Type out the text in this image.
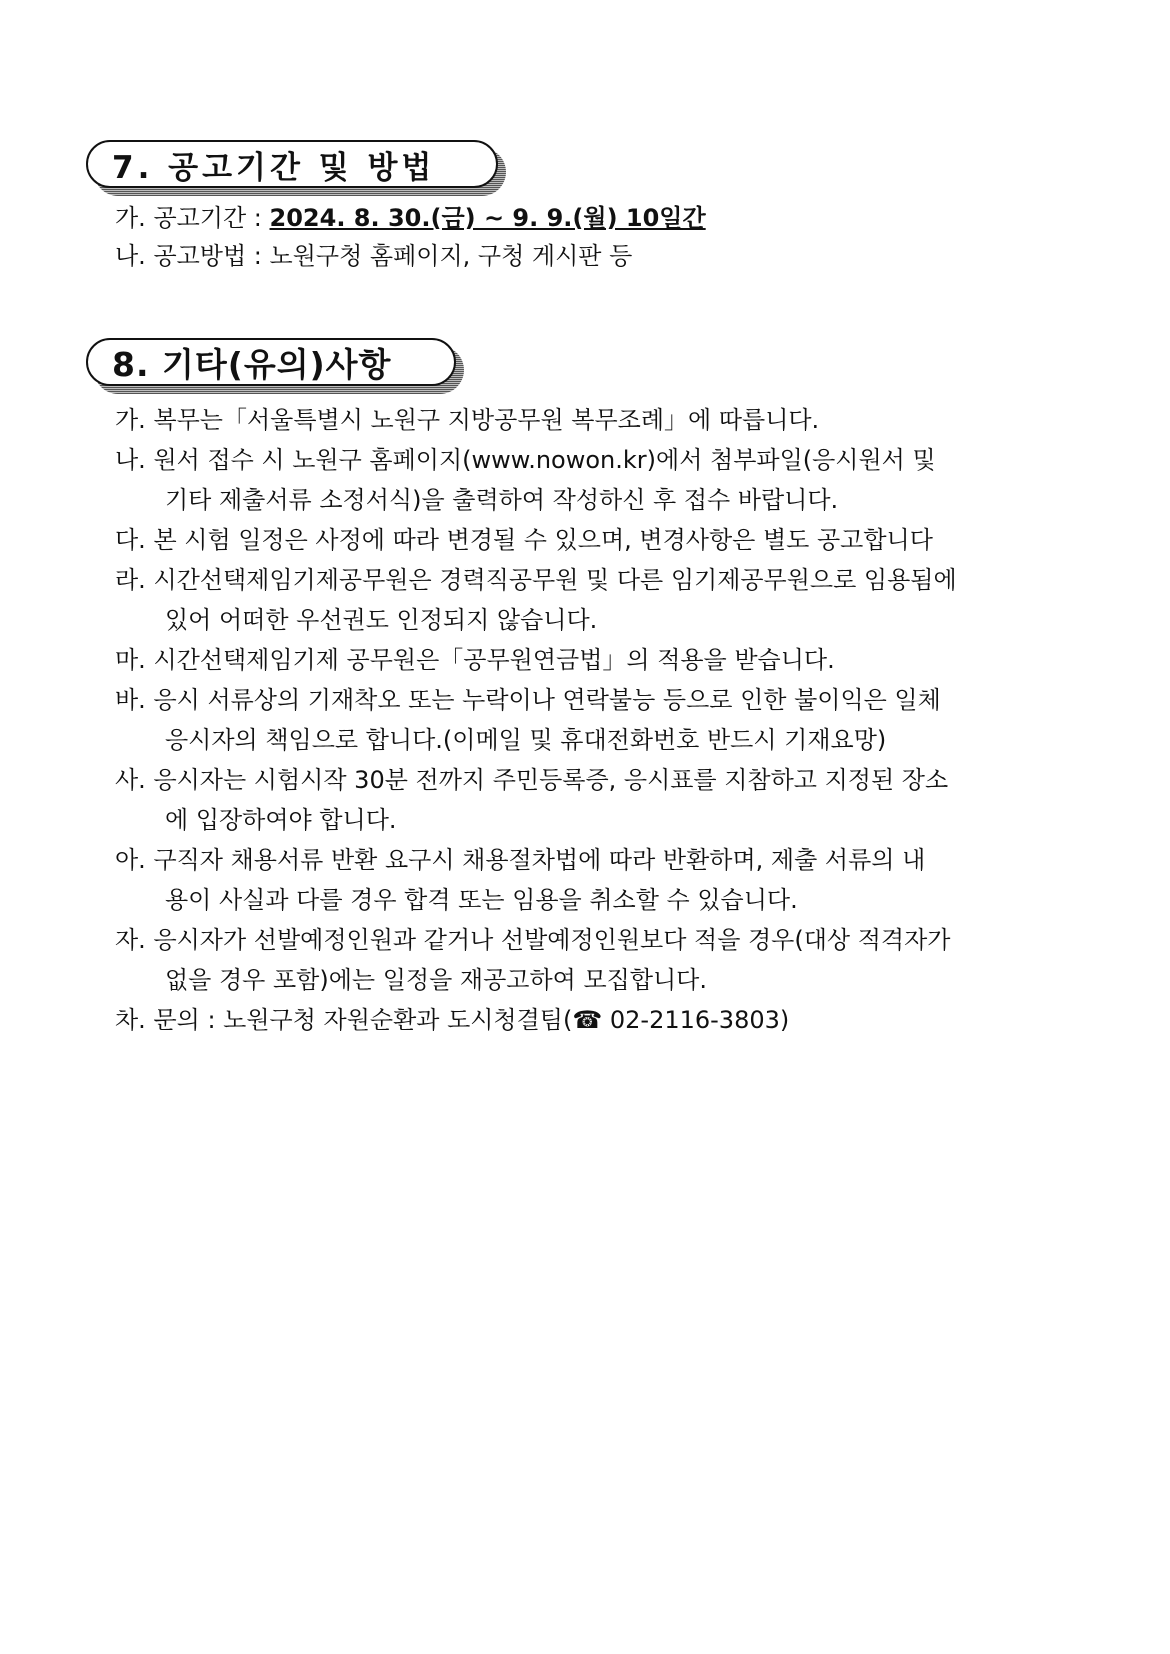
7. 공고기간 및 방법
가. 공고기간 : 2024. 8. 30.(금) ~ 9. 9.(월) 10일간
나. 공고방법 : 노원구청 홈페이지, 구청 게시판 등
8. 기타(유의)사항
가. 복무는「서울특별시 노원구 지방공무원 복무조례」에 따릅니다.
나. 원서 접수 시 노원구 홈페이지(www.nowon.kr)에서 첨부파일(응시원서 및
기타 제출서류 소정서식)을 출력하여 작성하신 후 접수 바랍니다.
다. 본 시험 일정은 사정에 따라 변경될 수 있으며, 변경사항은 별도 공고합니다
라. 시간선택제임기제공무원은 경력직공무원 및 다른 임기제공무원으로 임용됨에
있어 어떠한 우선권도 인정되지 않습니다.
마. 시간선택제임기제 공무원은「공무원연금법」의 적용을 받습니다.
바. 응시 서류상의 기재착오 또는 누락이나 연락불능 등으로 인한 불이익은 일체
응시자의 책임으로 합니다.(이메일 및 휴대전화번호 반드시 기재요망)
사. 응시자는 시험시작 30분 전까지 주민등록증, 응시표를 지참하고 지정된 장소
에 입장하여야 합니다.
아. 구직자 채용서류 반환 요구시 채용절차법에 따라 반환하며, 제출 서류의 내
용이 사실과 다를 경우 합격 또는 임용을 취소할 수 있습니다.
자. 응시자가 선발예정인원과 같거나 선발예정인원보다 적을 경우(대상 적격자가
없을 경우 포함)에는 일정을 재공고하여 모집합니다.
차. 문의 : 노원구청 자원순환과 도시청결팀(☎ 02-2116-3803)
